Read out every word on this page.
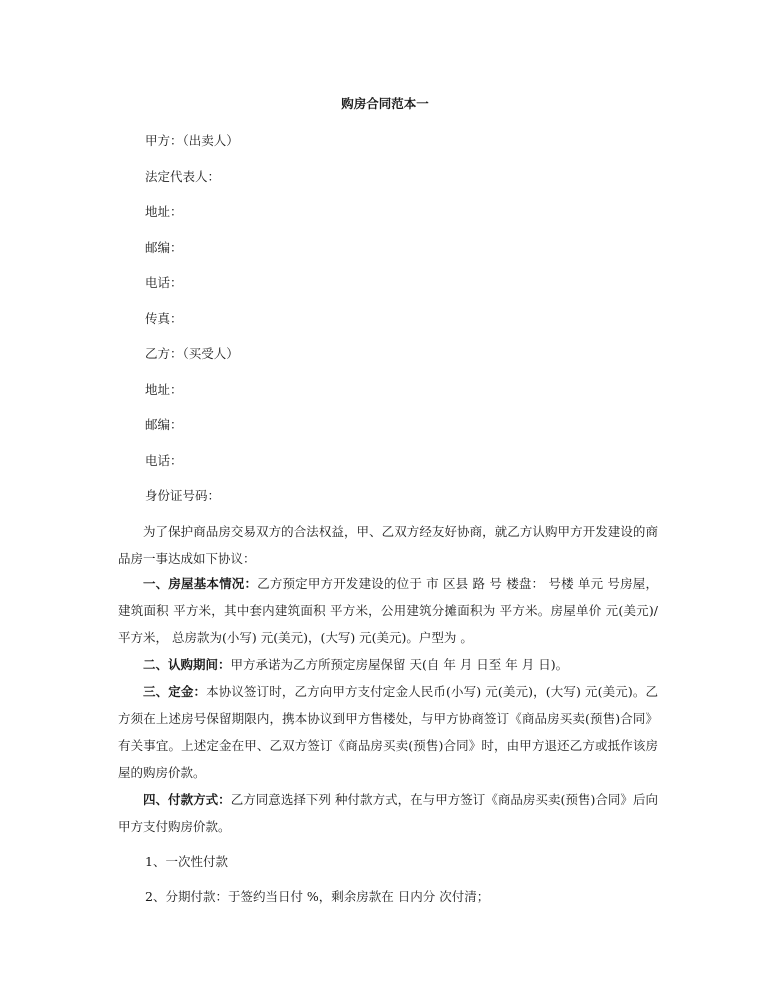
购房合同范本一
甲方：（出卖人）
法定代表人：
地址：
邮编：
电话：
传真：
乙方：（买受人）
地址：
邮编：
电话：
身份证号码：

为了保护商品房交易双方的合法权益，甲、乙双方经友好协商，就乙方认购甲方开发建设的商品房一事达成如下协议：

一、房屋基本情况：乙方预定甲方开发建设的位于 市 区县 路 号 楼盘： 号楼 单元 号房屋，建筑面积 平方米，其中套内建筑面积 平方米，公用建筑分摊面积为 平方米。房屋单价 元(美元)/平方米， 总房款为(小写) 元(美元)，(大写) 元(美元)。户型为 。

二、认购期间：甲方承诺为乙方所预定房屋保留 天(自 年 月 日至 年 月 日)。

三、定金：本协议签订时，乙方向甲方支付定金人民币(小写) 元(美元)，(大写) 元(美元)。乙方须在上述房号保留期限内，携本协议到甲方售楼处，与甲方协商签订《商品房买卖(预售)合同》有关事宜。上述定金在甲、乙双方签订《商品房买卖(预售)合同》时，由甲方退还乙方或抵作该房屋的购房价款。

四、付款方式：乙方同意选择下列 种付款方式，在与甲方签订《商品房买卖(预售)合同》后向甲方支付购房价款。

1、一次性付款
2、分期付款：于签约当日付 %，剩余房款在 日内分 次付清；
